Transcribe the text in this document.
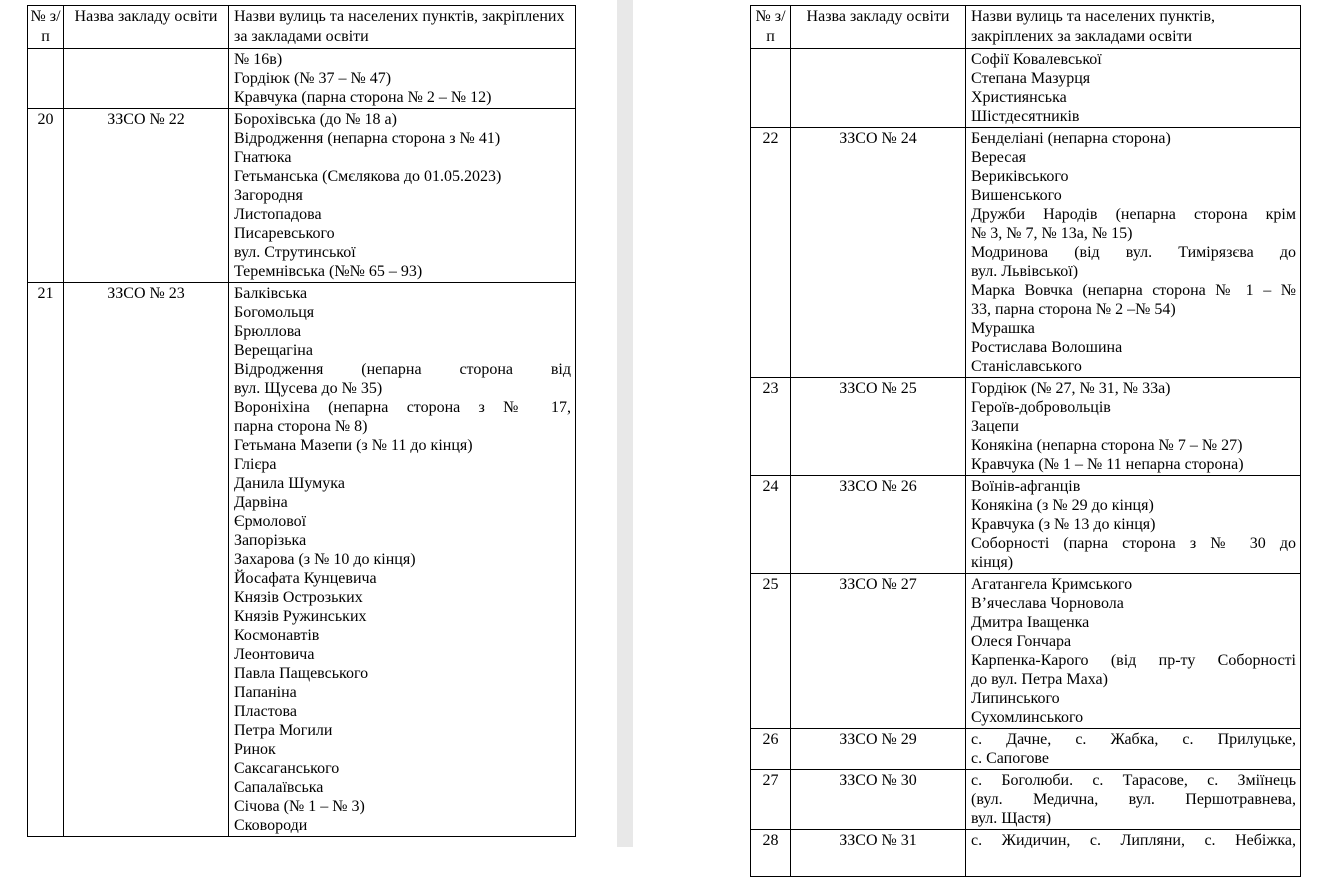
№ з/п	Назва закладу освіти	Назви вулиць та населених пунктів, закріплених за закладами освіти

		№ 16в)
Гордіюк (№ 37 – № 47)
Кравчука (парна сторона № 2 – № 12)

20	ЗЗСО № 22	Борохівська (до № 18 а)
Відродження (непарна сторона з № 41)
Гнатюка
Гетьманська (Смєлякова до 01.05.2023)
Загородня
Листопадова
Писаревського
вул. Струтинської
Теремнівська (№№ 65 – 93)

21	ЗЗСО № 23	Балківська
Богомольця
Брюллова
Верещагіна
Відродження (непарна сторона від
вул. Щусева до № 35)
Вороніхіна (непарна сторона з № 17,
парна сторона № 8)
Гетьмана Мазепи (з № 11 до кінця)
Глієра
Данила Шумука
Дарвіна
Єрмолової
Запорізька
Захарова (з № 10 до кінця)
Йосафата Кунцевича
Князів Острозьких
Князів Ружинських
Космонавтів
Леонтовича
Павла Пащевського
Папаніна
Пластова
Петра Могили
Ринок
Саксаганського
Сапалаївська
Січова (№ 1 – № 3)
Сковороди
№ з/п	Назва закладу освіти	Назви вулиць та населених пунктів, закріплених за закладами освіти

		Софії Ковалевської
Степана Мазурця
Християнська
Шістдесятників

22	ЗЗСО № 24	Бенделіані (непарна сторона)
Вересая
Вериківського
Вишенського
Дружби Народів (непарна сторона крім
№ 3, № 7, № 13а, № 15)
Модринова (від вул. Тимірязєва до
вул. Львівської)
Марка Вовчка (непарна сторона № 1 – №
33, парна сторона № 2 –№ 54)
Мурашка
Ростислава Волошина
Станіславського

23	ЗЗСО № 25	Гордіюк (№ 27, № 31, № 33а)
Героїв-добровольців
Зацепи
Конякіна (непарна сторона № 7 – № 27)
Кравчука (№ 1 – № 11 непарна сторона)

24	ЗЗСО № 26	Воїнів-афганців
Конякіна (з № 29 до кінця)
Кравчука (з № 13 до кінця)
Соборності (парна сторона з № 30 до
кінця)

25	ЗЗСО № 27	Агатангела Кримського
В’ячеслава Чорновола
Дмитра Іващенка
Олеся Гончара
Карпенка-Карого (від пр-ту Соборності
до вул. Петра Маха)
Липинського
Сухомлинського

26	ЗЗСО № 29	с. Дачне, с. Жабка, с. Прилуцьке,
с. Сапогове

27	ЗЗСО № 30	с. Боголюби. с. Тарасове, с. Зміїнець
(вул. Медична, вул. Першотравнева,
вул. Щастя)

28	ЗЗСО № 31	с. Жидичин, с. Липляни, с. Небіжка,
